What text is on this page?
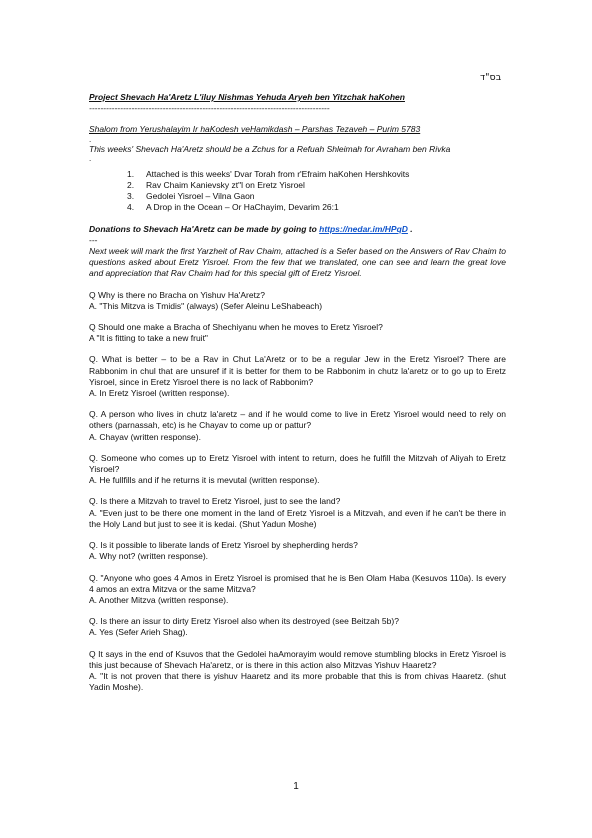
בס"ד

Project Shevach Ha'Aretz L'iluy Nishmas Yehuda Aryeh ben Yitzchak haKohen

-------------------------------------------------------------------------------------

Shalom from Yerushalayim Ir haKodesh veHamikdash – Parshas Tezaveh – Purim 5783

.

This weeks' Shevach Ha'Aretz should be a Zchus for a Refuah Shleimah for Avraham ben Rivka

.

1.	Attached is this weeks' Dvar Torah from r'Efraim haKohen Hershkovits
2.	Rav Chaim Kanievsky zt"l on Eretz Yisroel
3.	Gedolei Yisroel – Vilna Gaon
4.	A Drop in the Ocean – Or HaChayim, Devarim 26:1

Donations to Shevach Ha'Aretz can be made by going to https://nedar.im/HPqD .

---

Next week will mark the first Yarzheit of Rav Chaim, attached is a Sefer based on the Answers of Rav Chaim to questions asked about Eretz Yisroel. From the few that we translated, one can see and learn the great love and appreciation that Rav Chaim had for this special gift of Eretz Yisroel.

Q Why is there no Bracha on Yishuv Ha'Aretz?

A. "This Mitzva is Tmidis" (always) (Sefer Aleinu LeShabeach)

Q Should one make a Bracha of Shechiyanu when he moves to Eretz Yisroel?

A "It is fitting to take a new fruit"

Q. What is better – to be a Rav in Chut La'Aretz or to be a regular Jew in the Eretz Yisroel? There are Rabbonim in chul that are unsuref if it is better for them to be Rabbonim in chutz la'aretz or to go up to Eretz Yisroel, since in Eretz Yisroel there is no lack of Rabbonim?

A. In Eretz Yisroel (written response).

Q. A person who lives in chutz la'aretz – and if he would come to live in Eretz Yisroel would need to rely on others (parnassah, etc) is he Chayav to come up or pattur?

A. Chayav (written response).

Q. Someone who comes up to Eretz Yisroel with intent to return, does he fulfill the Mitzvah of Aliyah to Eretz Yisroel?

A. He fullfills and if he returns it is mevutal (written response).

Q. Is there a Mitzvah to travel to Eretz Yisroel, just to see the land?

A. "Even just to be there one moment in the land of Eretz Yisroel is a Mitzvah, and even if he can't be there in the Holy Land but just to see it is kedai. (Shut Yadun Moshe)

Q. Is it possible to liberate lands of Eretz Yisroel by shepherding herds?

A. Why not? (written response).

Q. "Anyone who goes 4 Amos in Eretz Yisroel is promised that he is Ben Olam Haba (Kesuvos 110a). Is every 4 amos an extra Mitzva or the same Mitzva?

A. Another Mitzva (written response).

Q. Is there an issur to dirty Eretz Yisroel also when its destroyed (see Beitzah 5b)?

A. Yes (Sefer Arieh Shag).

Q It says in the end of Ksuvos that the Gedolei haAmorayim would remove stumbling blocks in Eretz Yisroel is this just because of Shevach Ha'aretz, or is there in this action also Mitzvas Yishuv Haaretz?

A. "It is not proven that there is yishuv Haaretz and its more probable that this is from chivas Haaretz. (shut Yadin Moshe).

1
